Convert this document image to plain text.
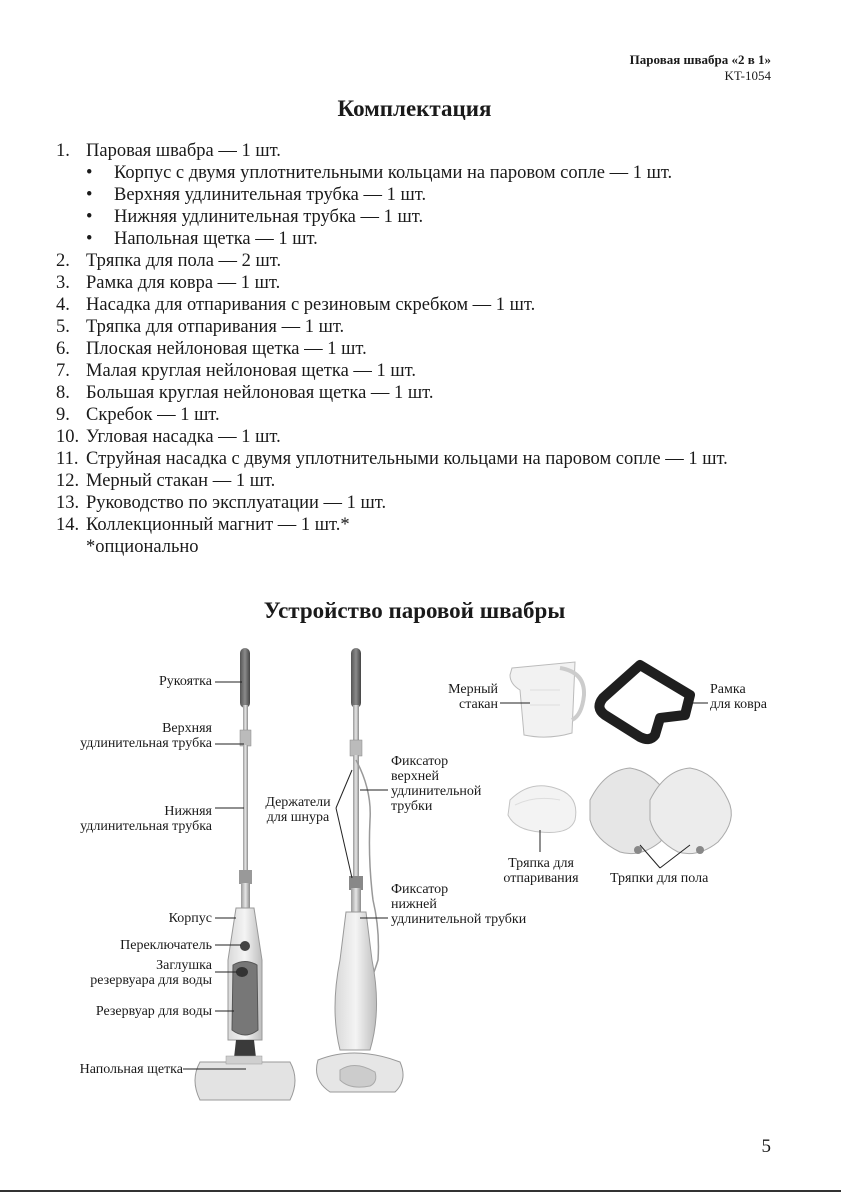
Паровая швабра «2 в 1»
KT-1054
Комплектация
1. Паровая швабра — 1 шт.
• Корпус с двумя уплотнительными кольцами на паровом сопле — 1 шт.
• Верхняя удлинительная трубка — 1 шт.
• Нижняя удлинительная трубка — 1 шт.
• Напольная щетка — 1 шт.
2. Тряпка для пола — 2 шт.
3. Рамка для ковра — 1 шт.
4. Насадка для отпаривания с резиновым скребком — 1 шт.
5. Тряпка для отпаривания — 1 шт.
6. Плоская нейлоновая щетка — 1 шт.
7. Малая круглая нейлоновая щетка — 1 шт.
8. Большая круглая нейлоновая щетка — 1 шт.
9. Скребок — 1 шт.
10. Угловая насадка — 1 шт.
11. Струйная насадка с двумя уплотнительными кольцами на паровом сопле — 1 шт.
12. Мерный стакан — 1 шт.
13. Руководство по эксплуатации — 1 шт.
14. Коллекционный магнит — 1 шт.*
*опционально
Устройство паровой швабры
Рукоятка
Верхняя
удлинительная трубка
Нижняя
удлинительная трубка
Корпус
Переключатель
Заглушка
резервуара для воды
Резервуар для воды
Напольная щетка
Держатели
для шнура
Фиксатор
верхней
удлинительной
трубки
Фиксатор
нижней
удлинительной трубки
Мерный
стакан
Рамка
для ковра
Тряпка для
отпаривания	Тряпки для пола
5
